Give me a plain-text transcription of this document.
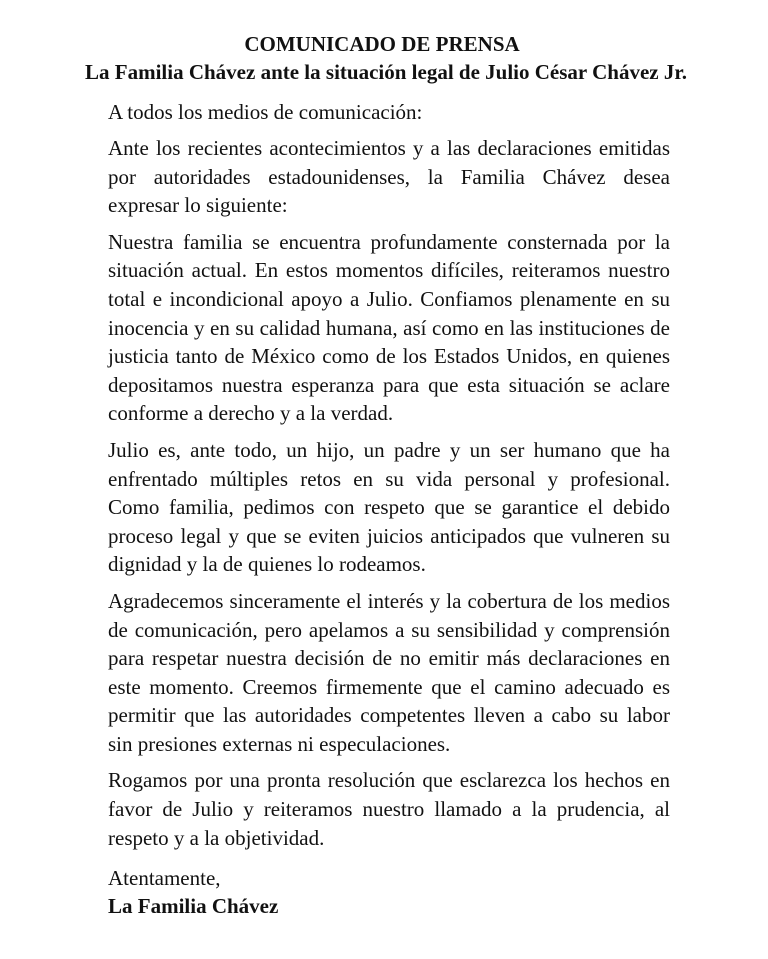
COMUNICADO DE PRENSA
La Familia Chávez ante la situación legal de Julio César Chávez Jr.
A todos los medios de comunicación:
Ante los recientes acontecimientos y a las declaraciones emitidas por autoridades estadounidenses, la Familia Chávez desea expresar lo siguiente:
Nuestra familia se encuentra profundamente consternada por la situación actual. En estos momentos difíciles, reiteramos nuestro total e incondicional apoyo a Julio. Confiamos plenamente en su inocencia y en su calidad humana, así como en las instituciones de justicia tanto de México como de los Estados Unidos, en quienes depositamos nuestra esperanza para que esta situación se aclare conforme a derecho y a la verdad.
Julio es, ante todo, un hijo, un padre y un ser humano que ha enfrentado múltiples retos en su vida personal y profesional. Como familia, pedimos con respeto que se garantice el debido proceso legal y que se eviten juicios anticipados que vulneren su dignidad y la de quienes lo rodeamos.
Agradecemos sinceramente el interés y la cobertura de los medios de comunicación, pero apelamos a su sensibilidad y comprensión para respetar nuestra decisión de no emitir más declaraciones en este momento. Creemos firmemente que el camino adecuado es permitir que las autoridades competentes lleven a cabo su labor sin presiones externas ni especulaciones.
Rogamos por una pronta resolución que esclarezca los hechos en favor de Julio y reiteramos nuestro llamado a la prudencia, al respeto y a la objetividad.
Atentamente,
La Familia Chávez
